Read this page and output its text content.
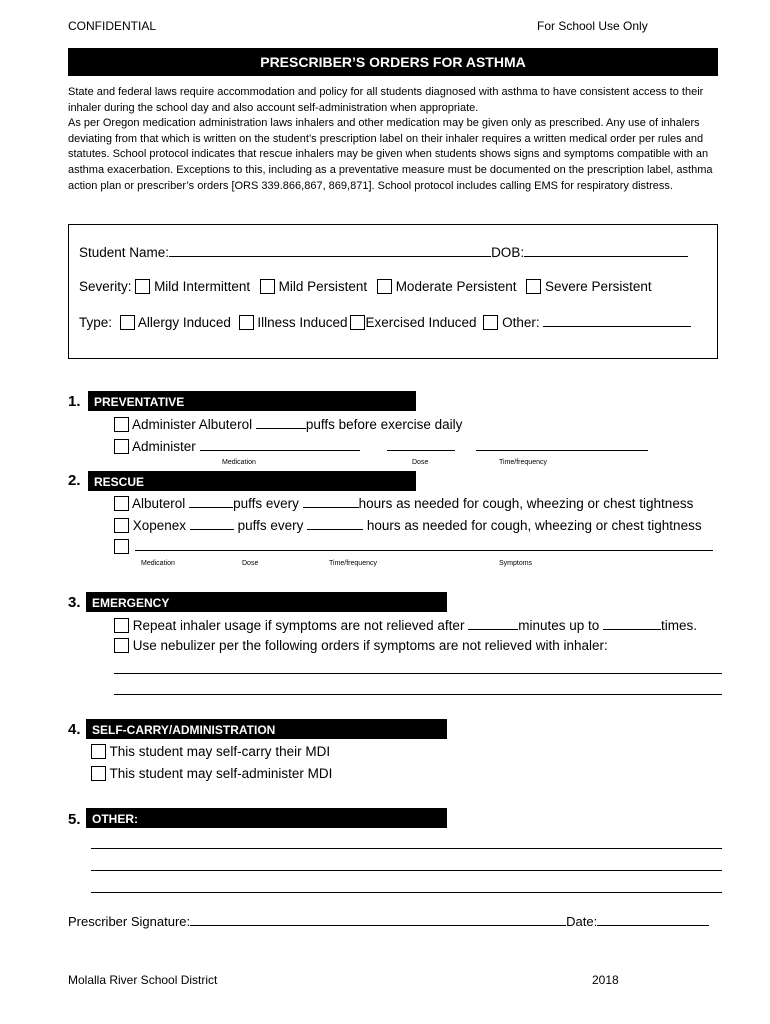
CONFIDENTIAL	For School Use Only
PRESCRIBER’S ORDERS FOR ASTHMA

State and federal laws require accommodation and policy for all students diagnosed with asthma to have consistent access to their inhaler during the school day and also account self-administration when appropriate.

As per Oregon medication administration laws inhalers and other medication may be given only as prescribed. Any use of inhalers deviating from that which is written on the student’s prescription label on their inhaler requires a written medical order per rules and statutes. School protocol indicates that rescue inhalers may be given when students shows signs and symptoms compatible with an asthma exacerbation. Exceptions to this, including as a preventative measure must be documented on the prescription label, asthma action plan or prescriber’s orders [ORS 339.866,867, 869,871]. School protocol includes calling EMS for respiratory distress.

Student Name:	DOB:
Severity: Mild Intermittent Mild Persistent Moderate Persistent Severe Persistent
Type: Allergy Induced Illness Induced Exercised Induced Other:
1.	PREVENTATIVE
Administer Albuterol	puffs before exercise daily
Administer
Medication	Dose	Time/frequency
2.	RESCUE
Albuterol	puffs every	hours as needed for cough, wheezing or chest tightness
Xopenex	puffs every	hours as needed for cough, wheezing or chest tightness

Medication	Dose	Time/frequency	Symptoms
3. EMERGENCY
Repeat inhaler usage if symptoms are not relieved after	minutes up to	times.
Use nebulizer per the following orders if symptoms are not relieved with inhaler:
4. SELF-CARRY/ADMINISTRATION
This student may self-carry their MDI
This student may self-administer MDI
5. OTHER:
Prescriber Signature:	Date:
Molalla River School District	2018
